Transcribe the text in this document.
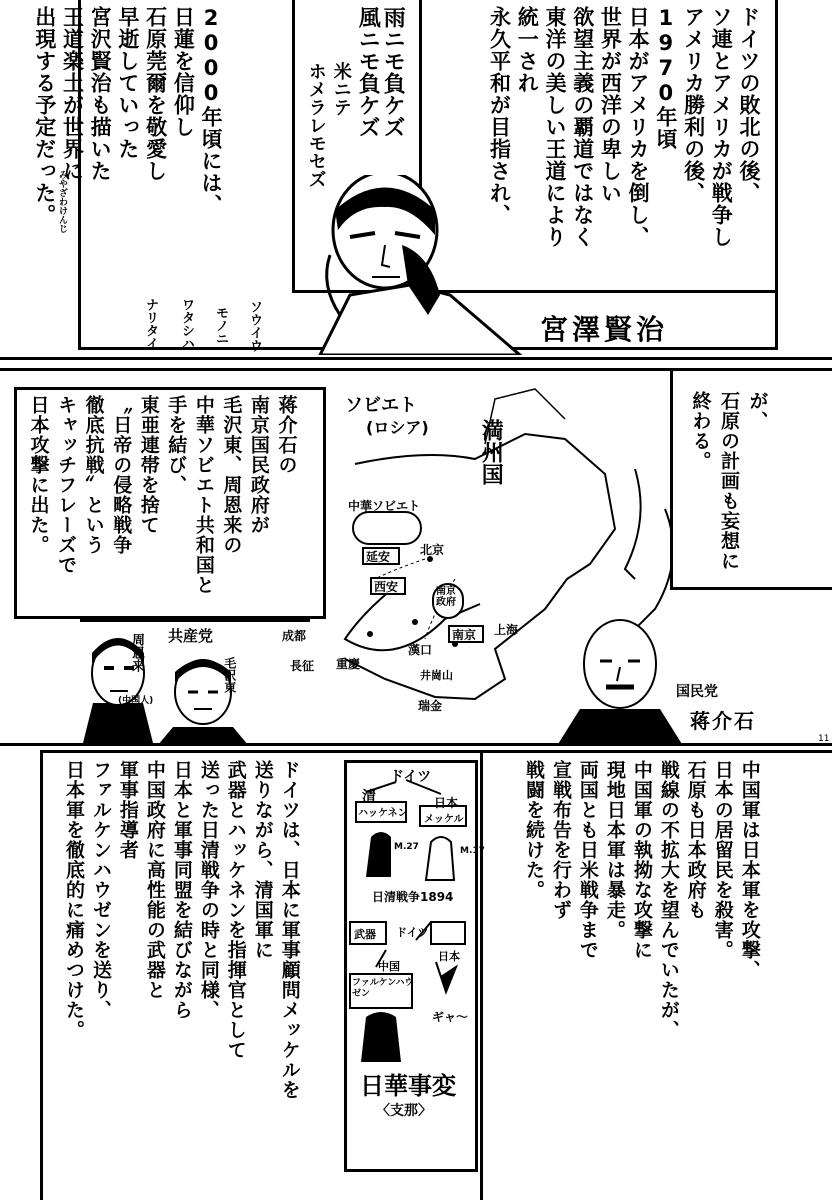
ドイツの敗北の後、
ソ連とアメリカが戦争し
アメリカ勝利の後、
1970年頃
日本がアメリカを倒し、
世界が西洋の卑しい
欲望主義の覇道ではなく
東洋の美しい王道により
統一され
永久平和が目指され、
2000年頃には、
日蓮を信仰し
石原莞爾を敬愛し
早逝していった
宮沢賢治も描いた
王道楽土が世界に
出現する予定だった。 みやざわけんじ
雨ニモ負ケズ
風ニモ負ケズ
米ニテ
ホメラレモセズ
ソウイウ
モノニ
ワタシハ
ナリタイ	宮澤賢治
ソビエト
(ロシア) 満州国
中華ソビエト
延安
西安
北京
南京政府
南京 上海
成都
長征 重慶
漢口
井崗山
瑞金
蒋介石の
南京国民政府が
毛沢東、周恩来の
中華ソビエト共和国と
手を結び、
東亜連帯を捨て
〝日帝の侵略戦争
徹底抗戦〟という
キャッチフレーズで
日本攻撃に出た。	が、
石原の計画も妄想に
終わる。
共産党
周恩来
(中国人)
毛沢東	国民党
蒋介石
11
中国軍は日本軍を攻撃、
日本の居留民を殺害。
石原も日本政府も
戦線の不拡大を望んでいたが、
中国軍の執拗な攻撃に
現地日本軍は暴走。
両国とも日米戦争まで
宣戦布告を行わず
戦闘を続けた。
ドイツは、日本に軍事顧問メッケルを
送りながら、清国軍に
武器とハッケネンを指揮官として
送った日清戦争の時と同様、
日本と軍事同盟を結びながら
中国政府に高性能の武器と
軍事指導者
ファルケンハウゼンを送り、
日本軍を徹底的に痛めつけた。	ドイツ
清
ハッケネン
日本
メッケル
M.27	M.17
日清戦争1894
武器 ドイツ
日本
中国
ファルケンハウゼン
ギャ～
日華事変
〈支那〉
